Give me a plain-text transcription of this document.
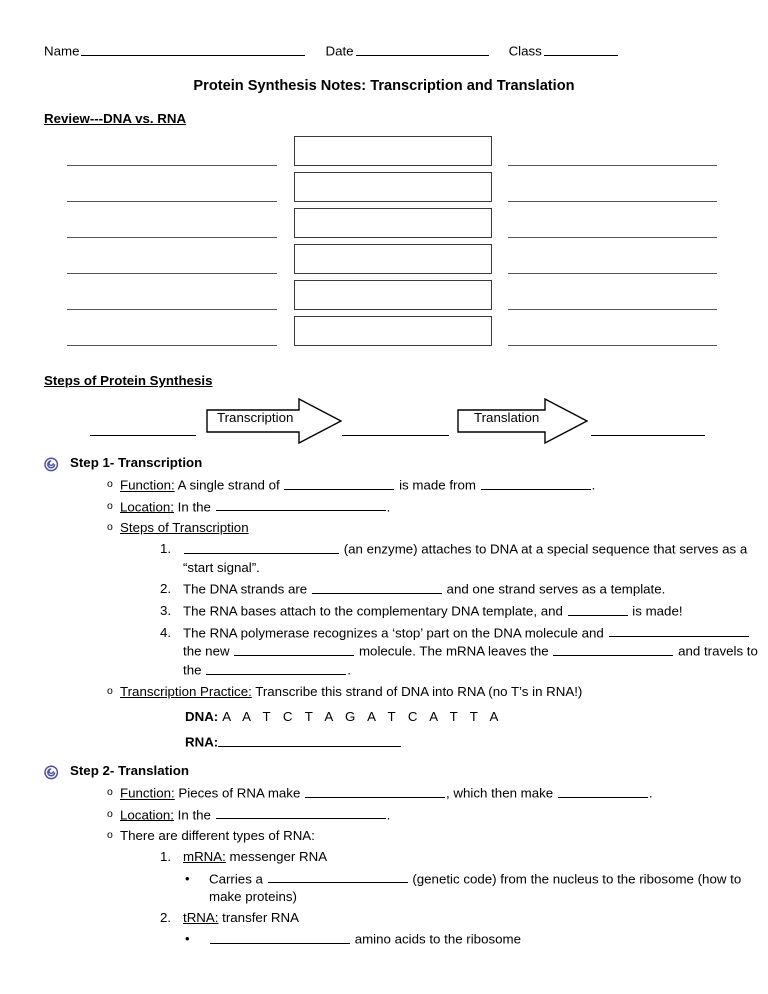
Name	Date	Class
Protein Synthesis Notes: Transcription and Translation
Review---DNA vs. RNA
Steps of Protein Synthesis
Transcription	Translation
Step 1- Transcription
o Function: A single strand of	is made from	.
o Location: In the	.
o Steps of Transcription
1.	(an enzyme) attaches to DNA at a special sequence that serves as a “start signal”.
2. The DNA strands are	and one strand serves as a template.
3. The RNA bases attach to the complementary DNA template, and	is made!
4. The RNA polymerase recognizes a ‘stop’ part on the DNA molecule and  the new	molecule. The mRNA leaves the	and travels to the	.
o Transcription Practice: Transcribe this strand of DNA into RNA (no T’s in RNA!)
DNA: A A T C T A G A T C A T T A
RNA:
Step 2- Translation
o Function: Pieces of RNA make	, which then make	.
o Location: In the	.
o There are different types of RNA:
1. mRNA: messenger RNA
• Carries a	(genetic code) from the nucleus to the ribosome (how to make proteins)
2. tRNA: transfer RNA
•	amino acids to the ribosome
